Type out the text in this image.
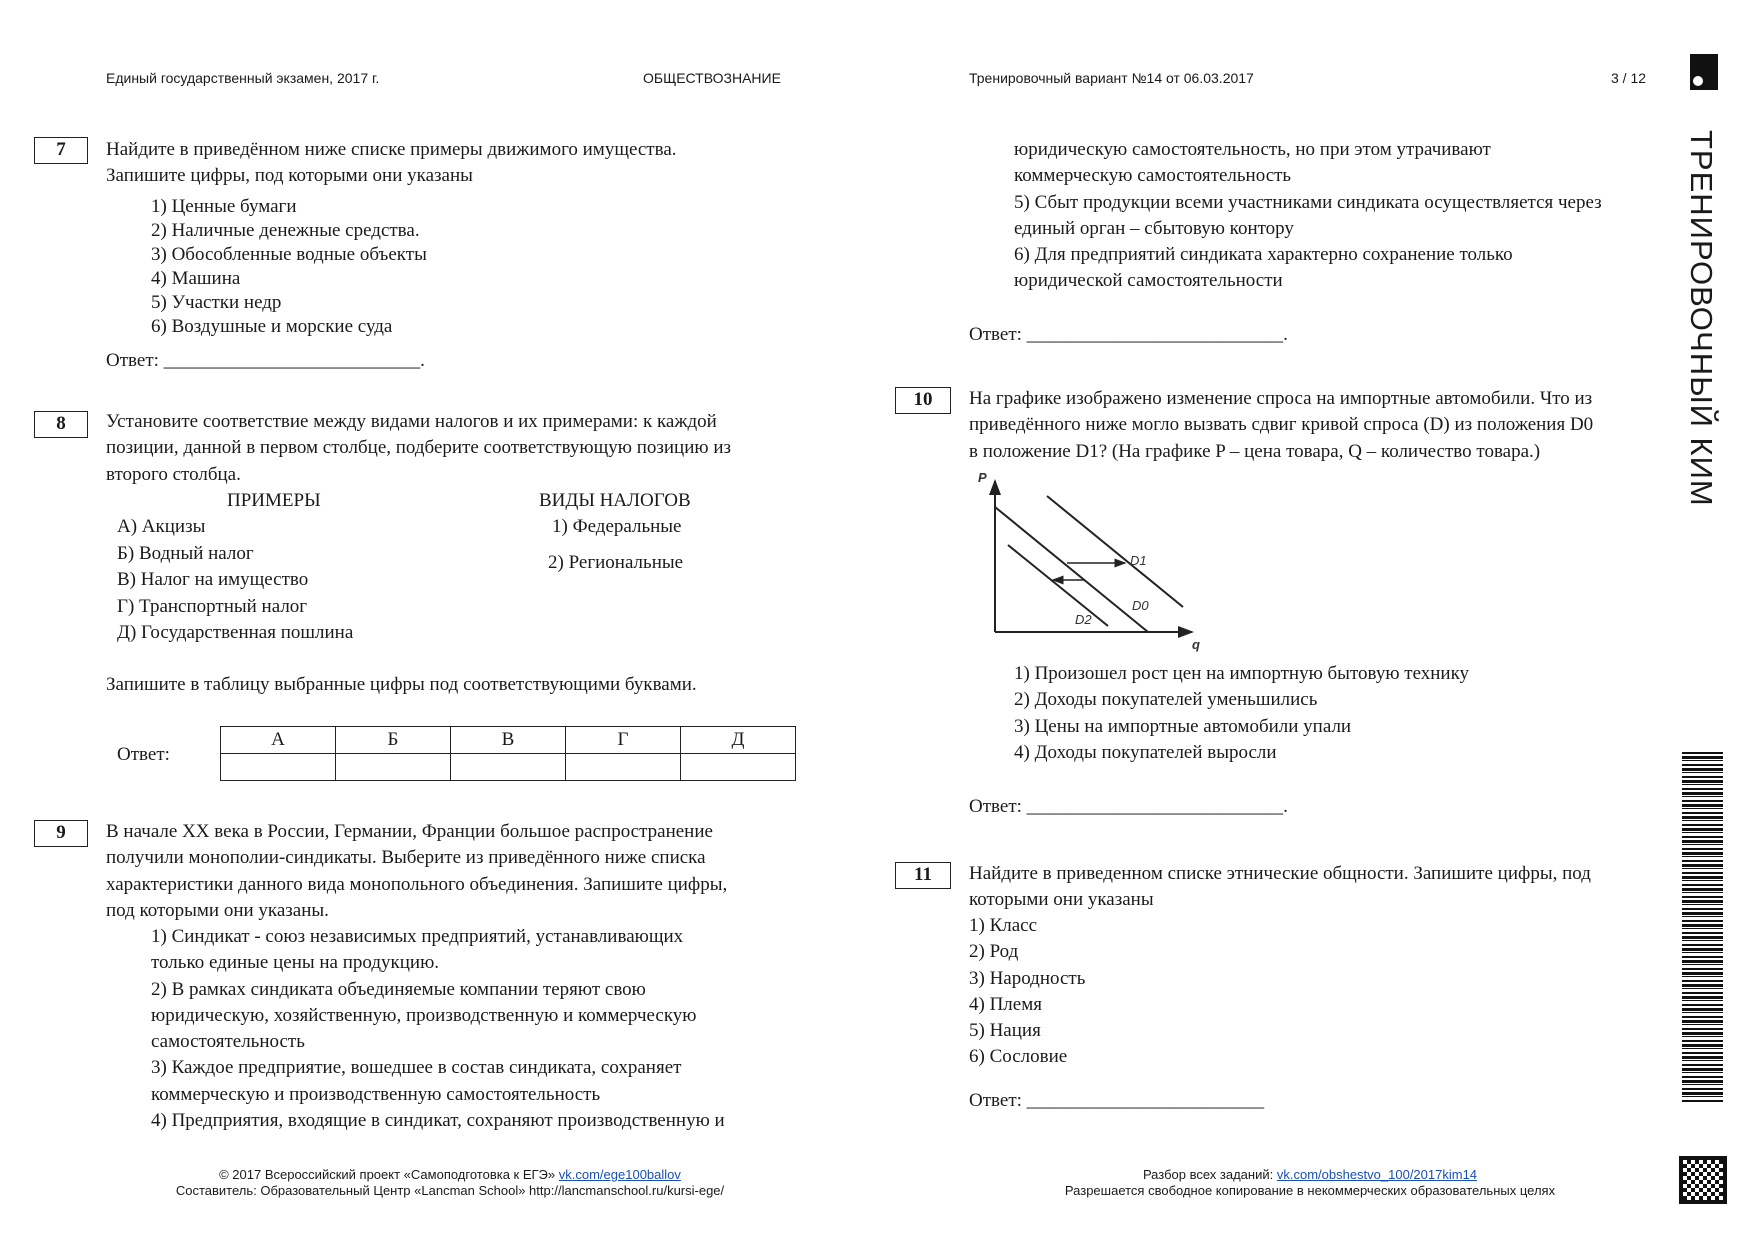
Единый государственный экзамен, 2017 г.	ОБЩЕСТВОЗНАНИЕ	Тренировочный вариант №14 от 06.03.2017	3 / 12
ТРЕНИРОВОЧНЫЙ КИМ
7	Найдите в приведённом ниже списке примеры движимого имущества.
Запишите цифры, под которыми они указаны
1) Ценные бумаги
2) Наличные денежные средства.
3) Обособленные водные объекты
4) Машина
5) Участки недр
6) Воздушные и морские суда
Ответ: ___________________________.
8	Установите соответствие между видами налогов и их примерами: к каждой
позиции, данной в первом столбце, подберите соответствующую позицию из
второго столбца.
ПРИМЕРЫ	ВИДЫ НАЛОГОВ
А) Акцизы
Б) Водный налог
В) Налог на имущество
Г) Транспортный налог
Д) Государственная пошлина
1) Федеральные
2) Региональные
Запишите в таблицу выбранные цифры под соответствующими буквами.
Ответ:
А	Б	В	Г	Д

9	В начале XX века в России, Германии, Франции большое распространение
получили монополии-синдикаты. Выберите из приведённого ниже списка
характеристики данного вида монопольного объединения. Запишите цифры,
под которыми они указаны.
1) Синдикат - союз независимых предприятий, устанавливающих
только единые цены на продукцию.
2) В рамках синдиката объединяемые компании теряют свою
юридическую, хозяйственную, производственную и коммерческую
самостоятельность
3) Каждое предприятие, вошедшее в состав синдиката, сохраняет
коммерческую и производственную самостоятельность
4) Предприятия, входящие в синдикат, сохраняют производственную и
юридическую самостоятельность, но при этом утрачивают
коммерческую самостоятельность
5) Сбыт продукции всеми участниками синдиката осуществляется через
единый орган – сбытовую контору
6) Для предприятий синдиката характерно сохранение только
юридической самостоятельности
Ответ: ___________________________.
10	На графике изображено изменение спроса на импортные автомобили. Что из
приведённого ниже могло вызвать сдвиг кривой спроса (D) из положения D0
в положение D1? (На графике P – цена товара, Q – количество товара.)
P
q
D1
D0
D2
1) Произошел рост цен на импортную бытовую технику
2) Доходы покупателей уменьшились
3) Цены на импортные автомобили упали
4) Доходы покупателей выросли
Ответ: ___________________________.
11	Найдите в приведенном списке этнические общности. Запишите цифры, под
которыми они указаны
1) Класс
2) Род
3) Народность
4) Племя
5) Нация
6) Сословие
Ответ: _________________________
© 2017 Всероссийский проект «Самоподготовка к ЕГЭ» vk.com/ege100ballov
Составитель: Образовательный Центр «Lancman School» http://lancmanschool.ru/kursi-ege/
Разбор всех заданий: vk.com/obshestvo_100/2017kim14
Разрешается свободное копирование в некоммерческих образовательных целях
